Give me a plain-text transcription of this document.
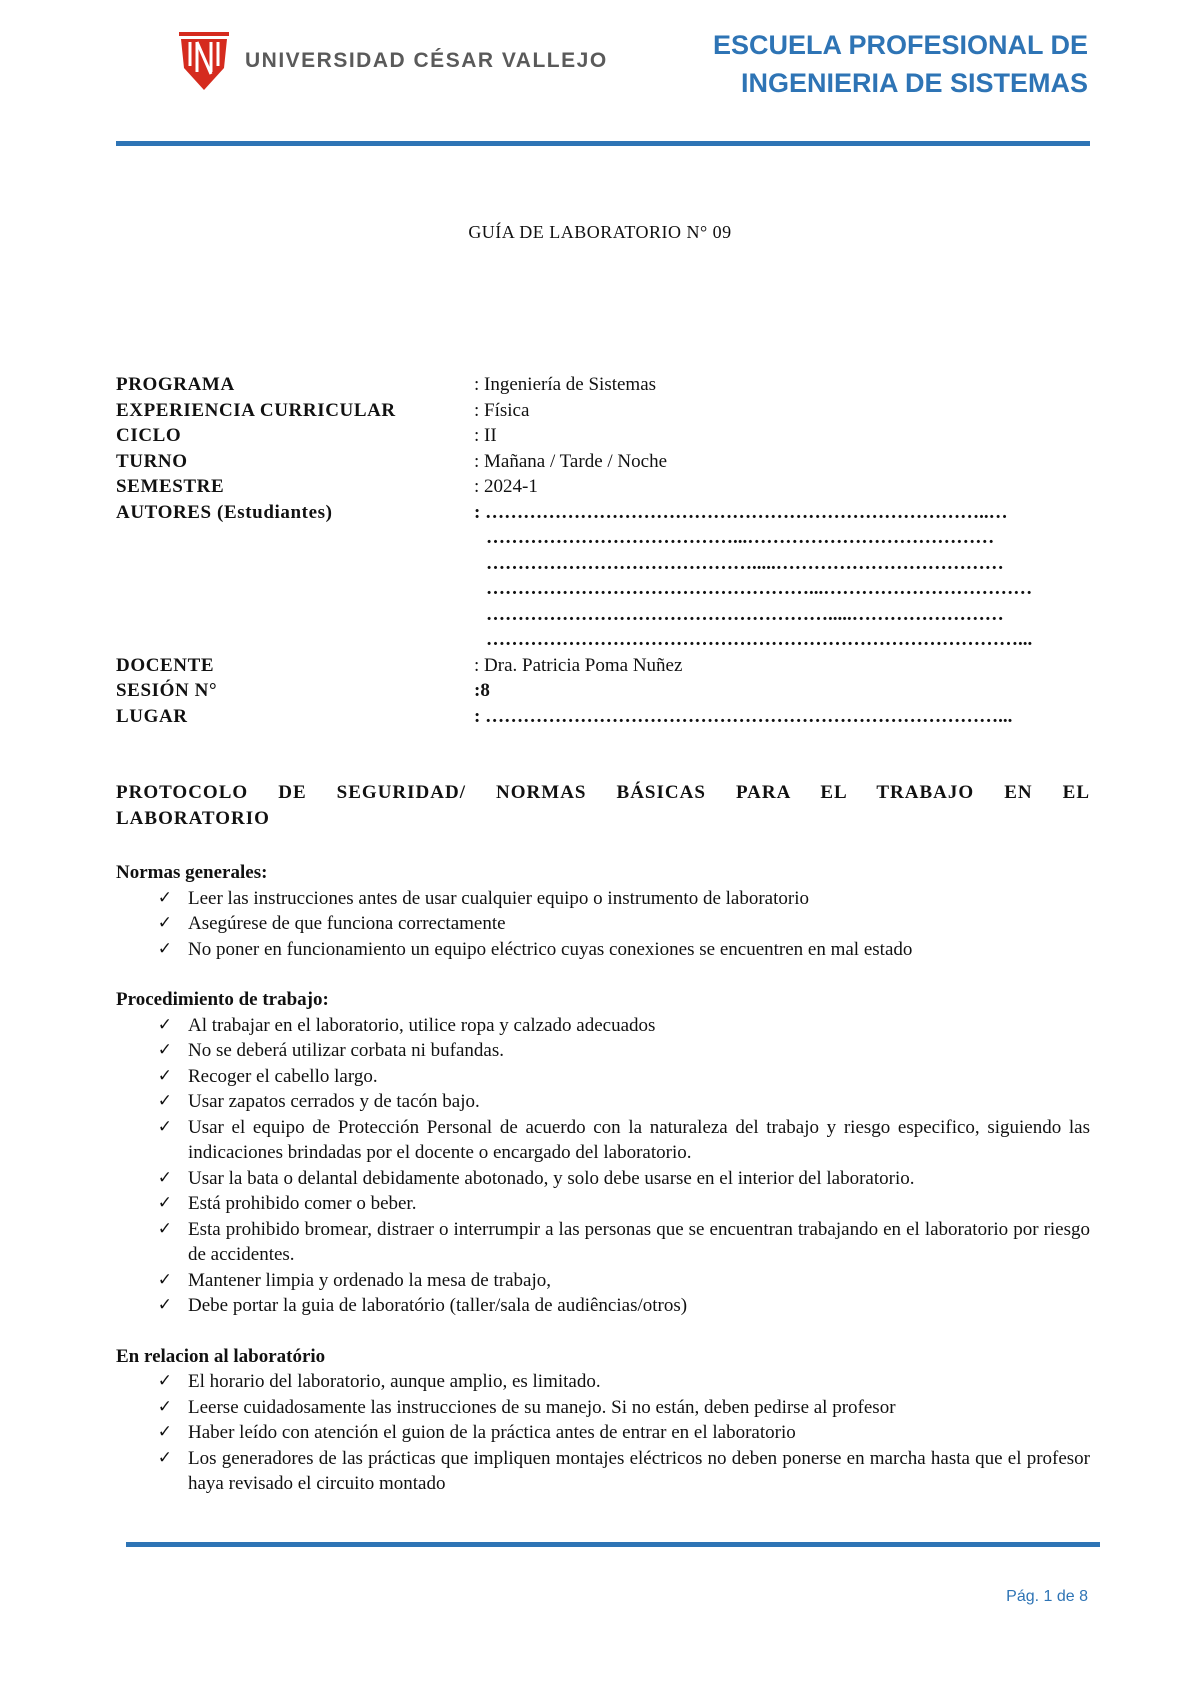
UNIVERSIDAD CÉSAR VALLEJO
ESCUELA PROFESIONAL DE
INGENIERIA DE SISTEMAS
GUÍA DE LABORATORIO N° 09
PROGRAMA	: Ingeniería de Sistemas
EXPERIENCIA CURRICULAR	: Física
CICLO	: II
TURNO	: Mañana / Tarde / Noche
SEMESTRE	: 2024-1
AUTORES (Estudiantes)	: ……………………………………………………………………..…
…………………………………...…………………………………
…………………………………….....………………………………
……………………………………………...……………………………
……………………………………………….....……………………
…………………………………………………………………………...
DOCENTE	: Dra. Patricia Poma Nuñez
SESIÓN N°	:8
LUGAR	: ………………………………………………………………………...

PROTOCOLO DE SEGURIDAD/ NORMAS BÁSICAS PARA EL TRABAJO EN EL LABORATORIO

Normas generales:

✓ Leer las instrucciones antes de usar cualquier equipo o instrumento de laboratorio
✓ Asegúrese de que funciona correctamente
✓ No poner en funcionamiento un equipo eléctrico cuyas conexiones se encuentren en mal estado

Procedimiento de trabajo:

✓ Al trabajar en el laboratorio, utilice ropa y calzado adecuados
✓ No se deberá utilizar corbata ni bufandas.
✓ Recoger el cabello largo.
✓ Usar zapatos cerrados y de tacón bajo.
✓ Usar el equipo de Protección Personal de acuerdo con la naturaleza del trabajo y riesgo especifico, siguiendo las indicaciones brindadas por el docente o encargado del laboratorio.
✓ Usar la bata o delantal debidamente abotonado, y solo debe usarse en el interior del laboratorio.
✓ Está prohibido comer o beber.
✓ Esta prohibido bromear, distraer o interrumpir a las personas que se encuentran trabajando en el laboratorio por riesgo de accidentes.
✓ Mantener limpia y ordenado la mesa de trabajo,
✓ Debe portar la guia de laboratório (taller/sala de audiências/otros)

En relacion al laboratório

✓ El horario del laboratorio, aunque amplio, es limitado.
✓ Leerse cuidadosamente las instrucciones de su manejo. Si no están, deben pedirse al profesor
✓ Haber leído con atención el guion de la práctica antes de entrar en el laboratorio
✓ Los generadores de las prácticas que impliquen montajes eléctricos no deben ponerse en marcha hasta que el profesor haya revisado el circuito montado
Pág. 1 de 8
